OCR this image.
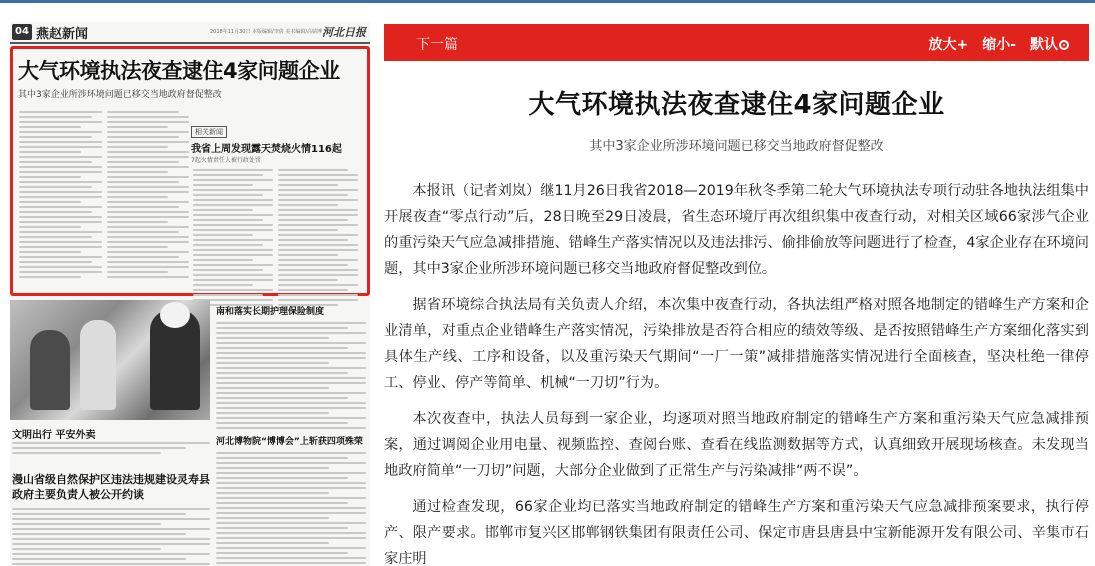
04 燕赵新闻	2018年11月30日 本版编辑/李倩 美术编辑/高婧博 河北日报
大气环境执法夜查逮住4家问题企业
其中3家企业所涉环境问题已移交当地政府督促整改
相关新闻
我省上周发现露天焚烧火情116起
7起火情责任人被行政处罚
文明出行 平安外卖
南和落实长期护理保险制度
河北博物院“博博会”上斩获四项殊荣
漫山省级自然保护区违法违规建设灵寿县政府主要负责人被公开约谈
下一篇	放大+ 缩小- 默认
大气环境执法夜查逮住4家问题企业
其中3家企业所涉环境问题已移交当地政府督促整改

本报讯（记者刘岚）继11月26日我省2018—2019年秋冬季第二轮大气环境执法专项行动驻各地执法组集中开展夜查“零点行动”后，28日晚至29日凌晨，省生态环境厅再次组织集中夜查行动，对相关区域66家涉气企业的重污染天气应急减排措施、错峰生产落实情况以及违法排污、偷排偷放等问题进行了检查，4家企业存在环境问题，其中3家企业所涉环境问题已移交当地政府督促整改到位。

据省环境综合执法局有关负责人介绍，本次集中夜查行动，各执法组严格对照各地制定的错峰生产方案和企业清单，对重点企业错峰生产落实情况，污染排放是否符合相应的绩效等级、是否按照错峰生产方案细化落实到具体生产线、工序和设备，以及重污染天气期间“一厂一策”减排措施落实情况进行全面核查，坚决杜绝一律停工、停业、停产等简单、机械“一刀切”行为。

本次夜查中，执法人员每到一家企业，均逐项对照当地政府制定的错峰生产方案和重污染天气应急减排预案，通过调阅企业用电量、视频监控、查阅台账、查看在线监测数据等方式，认真细致开展现场核查。未发现当地政府简单“一刀切”问题，大部分企业做到了正常生产与污染减排“两不误”。

通过检查发现，66家企业均已落实当地政府制定的错峰生产方案和重污染天气应急减排预案要求，执行停产、限产要求。邯郸市复兴区邯郸钢铁集团有限责任公司、保定市唐县唐县中宝新能源开发有限公司、辛集市石家庄明
